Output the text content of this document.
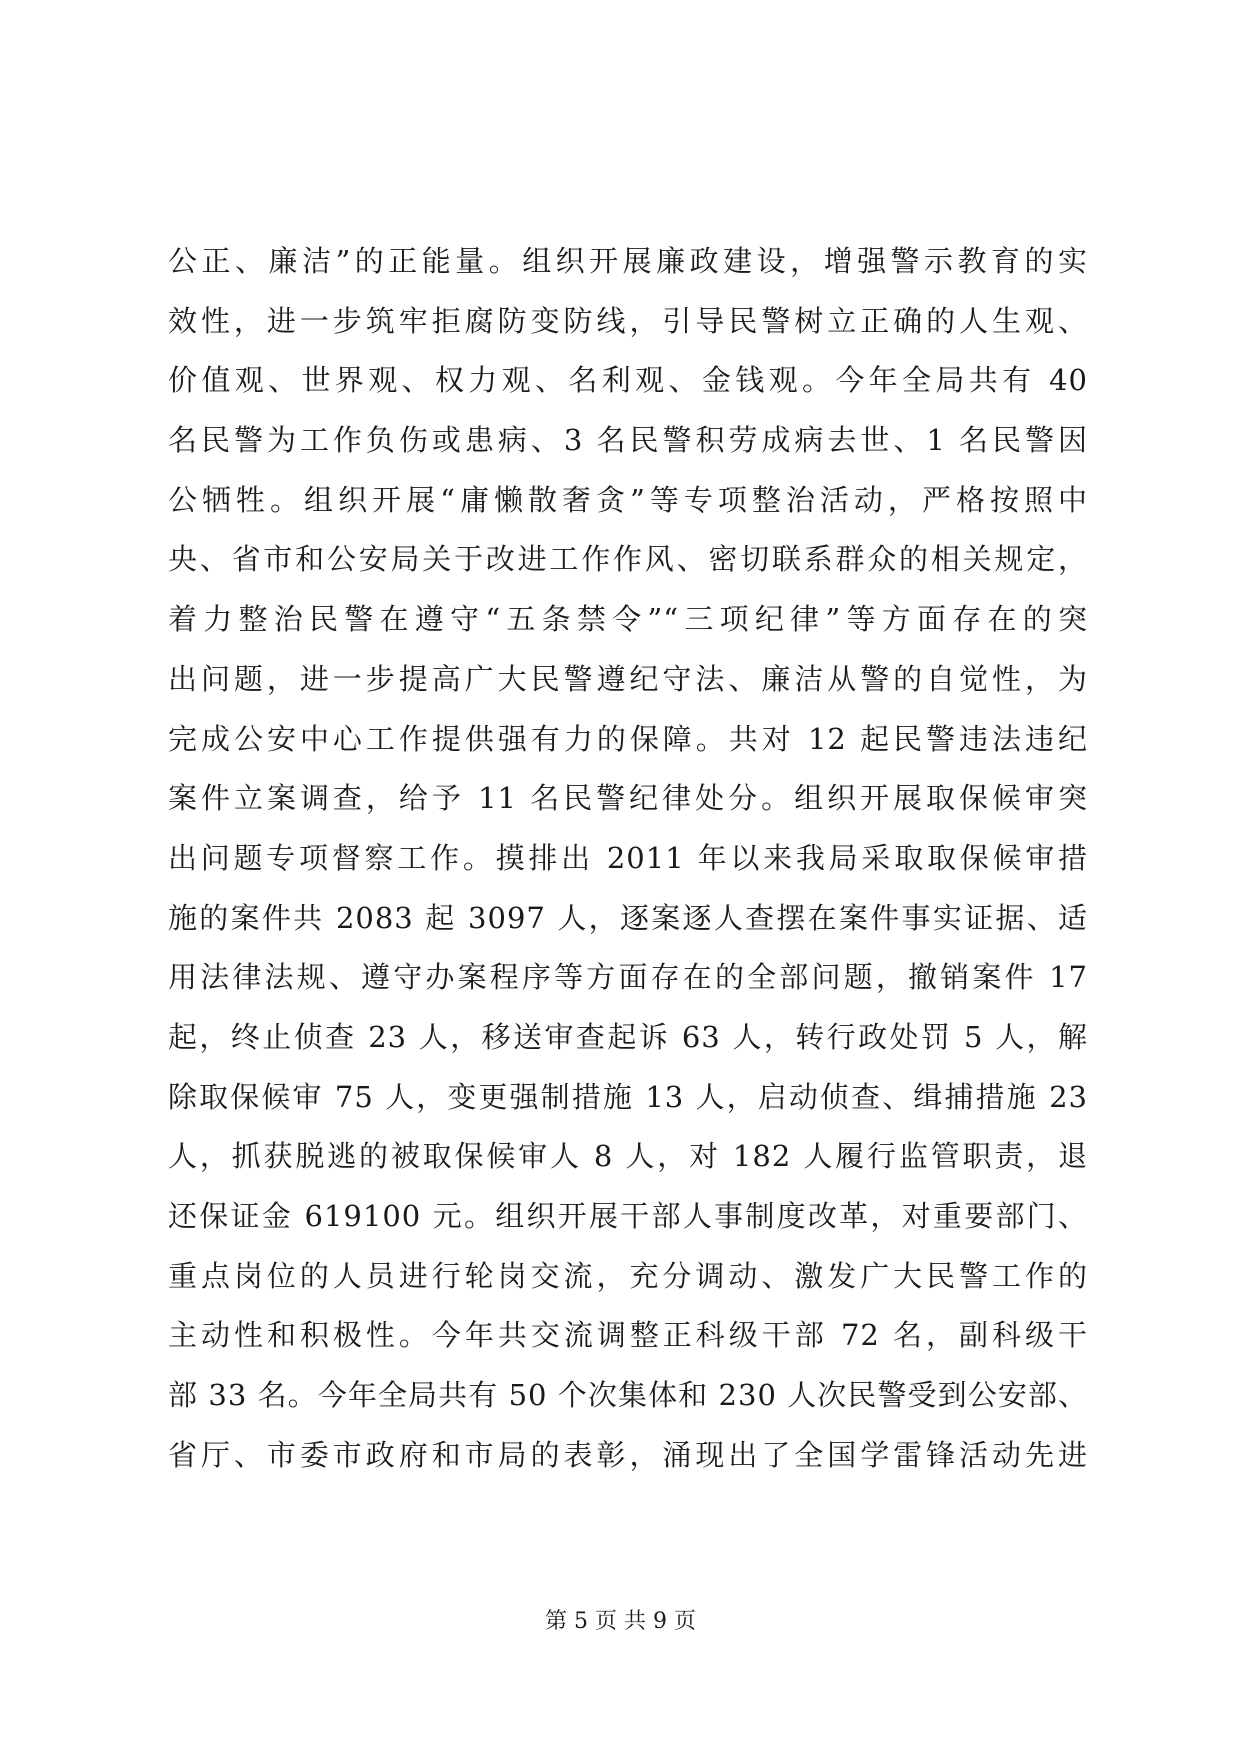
公正、廉洁”的正能量。组织开展廉政建设，增强警示教育的实
效性，进一步筑牢拒腐防变防线，引导民警树立正确的人生观、
价值观、世界观、权力观、名利观、金钱观。今年全局共有 40
名民警为工作负伤或患病、3 名民警积劳成病去世、1 名民警因
公牺牲。组织开展“庸懒散奢贪”等专项整治活动，严格按照中
央、省市和公安局关于改进工作作风、密切联系群众的相关规定，
着力整治民警在遵守“五条禁令”“三项纪律”等方面存在的突
出问题，进一步提高广大民警遵纪守法、廉洁从警的自觉性，为
完成公安中心工作提供强有力的保障。共对 12 起民警违法违纪
案件立案调查，给予 11 名民警纪律处分。组织开展取保候审突
出问题专项督察工作。摸排出 2011 年以来我局采取取保候审措
施的案件共 2083 起 3097 人，逐案逐人查摆在案件事实证据、适
用法律法规、遵守办案程序等方面存在的全部问题，撤销案件 17
起，终止侦查 23 人，移送审查起诉 63 人，转行政处罚 5 人，解
除取保候审 75 人，变更强制措施 13 人，启动侦查、缉捕措施 23
人，抓获脱逃的被取保候审人 8 人，对 182 人履行监管职责，退
还保证金 619100 元。组织开展干部人事制度改革，对重要部门、
重点岗位的人员进行轮岗交流，充分调动、激发广大民警工作的
主动性和积极性。今年共交流调整正科级干部 72 名，副科级干
部 33 名。今年全局共有 50 个次集体和 230 人次民警受到公安部、
省厅、市委市政府和市局的表彰，涌现出了全国学雷锋活动先进
第 5 页 共 9 页
